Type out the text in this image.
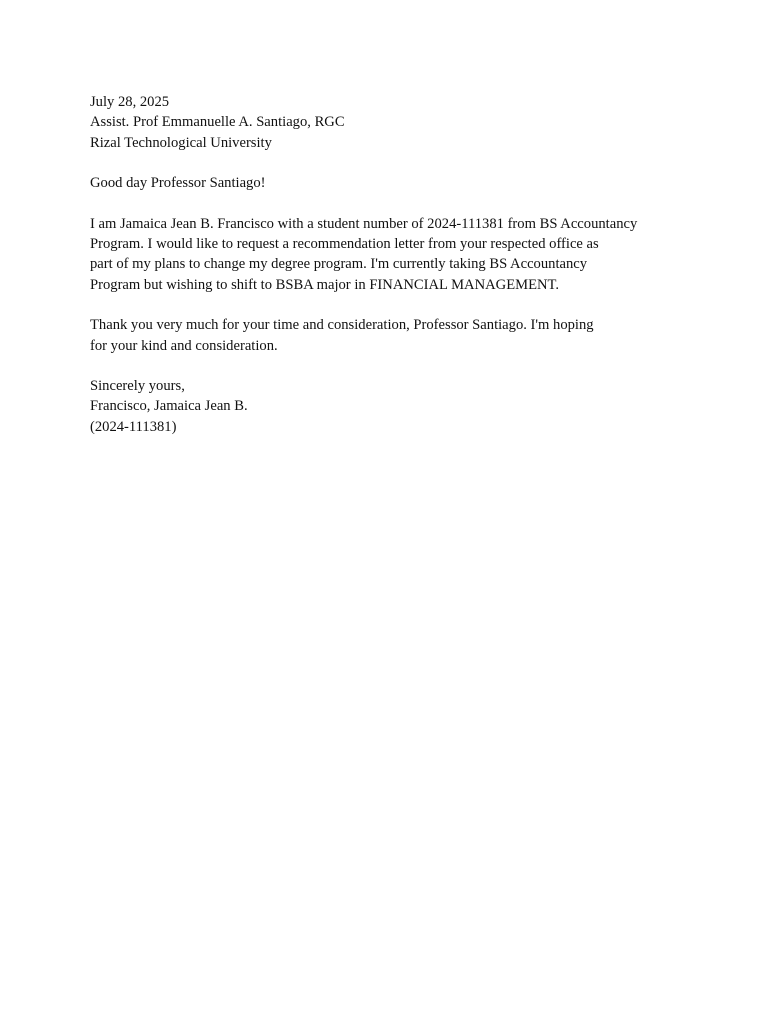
July 28, 2025
Assist. Prof Emmanuelle A. Santiago, RGC
Rizal Technological University
Good day Professor Santiago!
I am Jamaica Jean B. Francisco with a student number of 2024-111381 from BS Accountancy
Program. I would like to request a recommendation letter from your respected office as
part of my plans to change my degree program. I'm currently taking BS Accountancy
Program but wishing to shift to BSBA major in FINANCIAL MANAGEMENT.
Thank you very much for your time and consideration, Professor Santiago. I'm hoping
for your kind and consideration.
Sincerely yours,
Francisco, Jamaica Jean B.
(2024-111381)
